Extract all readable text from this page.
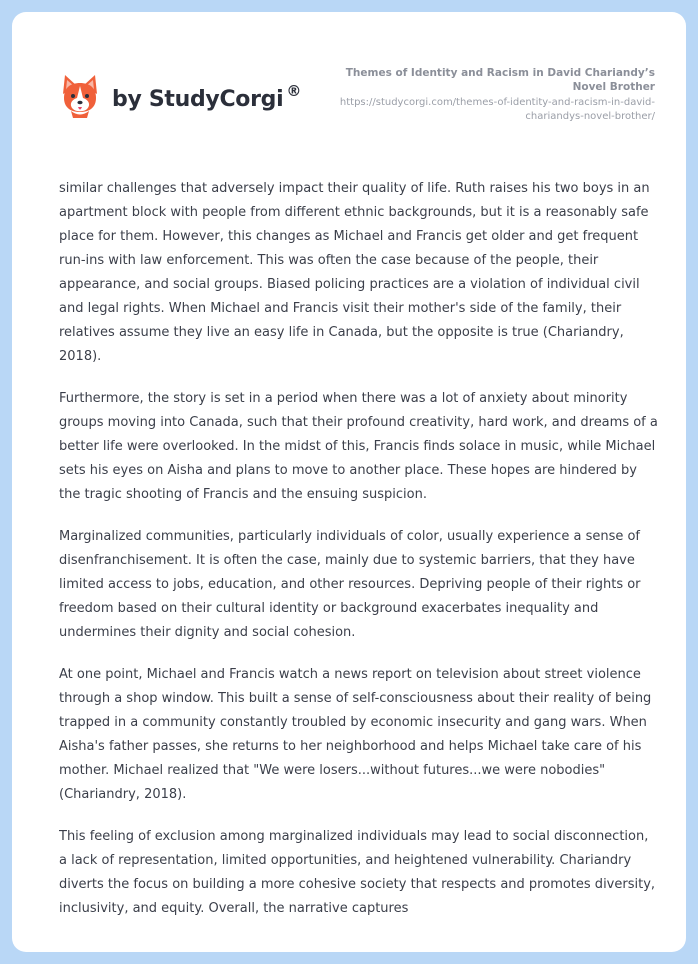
by StudyCorgi ®

Themes of Identity and Racism in David Chariandy’s Novel Brother

https://studycorgi.com/themes-of-identity-and-racism-in-david-chariandys-novel-brother/

similar challenges that adversely impact their quality of life. Ruth raises his two boys in an apartment block with people from different ethnic backgrounds, but it is a reasonably safe place for them. However, this changes as Michael and Francis get older and get frequent run-ins with law enforcement. This was often the case because of the people, their appearance, and social groups. Biased policing practices are a violation of individual civil and legal rights. When Michael and Francis visit their mother's side of the family, their relatives assume they live an easy life in Canada, but the opposite is true (Chariandry, 2018).

Furthermore, the story is set in a period when there was a lot of anxiety about minority groups moving into Canada, such that their profound creativity, hard work, and dreams of a better life were overlooked. In the midst of this, Francis finds solace in music, while Michael sets his eyes on Aisha and plans to move to another place. These hopes are hindered by the tragic shooting of Francis and the ensuing suspicion.

Marginalized communities, particularly individuals of color, usually experience a sense of disenfranchisement. It is often the case, mainly due to systemic barriers, that they have limited access to jobs, education, and other resources. Depriving people of their rights or freedom based on their cultural identity or background exacerbates inequality and undermines their dignity and social cohesion.

At one point, Michael and Francis watch a news report on television about street violence through a shop window. This built a sense of self-consciousness about their reality of being trapped in a community constantly troubled by economic insecurity and gang wars. When Aisha's father passes, she returns to her neighborhood and helps Michael take care of his mother. Michael realized that "We were losers...without futures...we were nobodies" (Chariandry, 2018).

This feeling of exclusion among marginalized individuals may lead to social disconnection, a lack of representation, limited opportunities, and heightened vulnerability. Chariandry diverts the focus on building a more cohesive society that respects and promotes diversity, inclusivity, and equity. Overall, the narrative captures
